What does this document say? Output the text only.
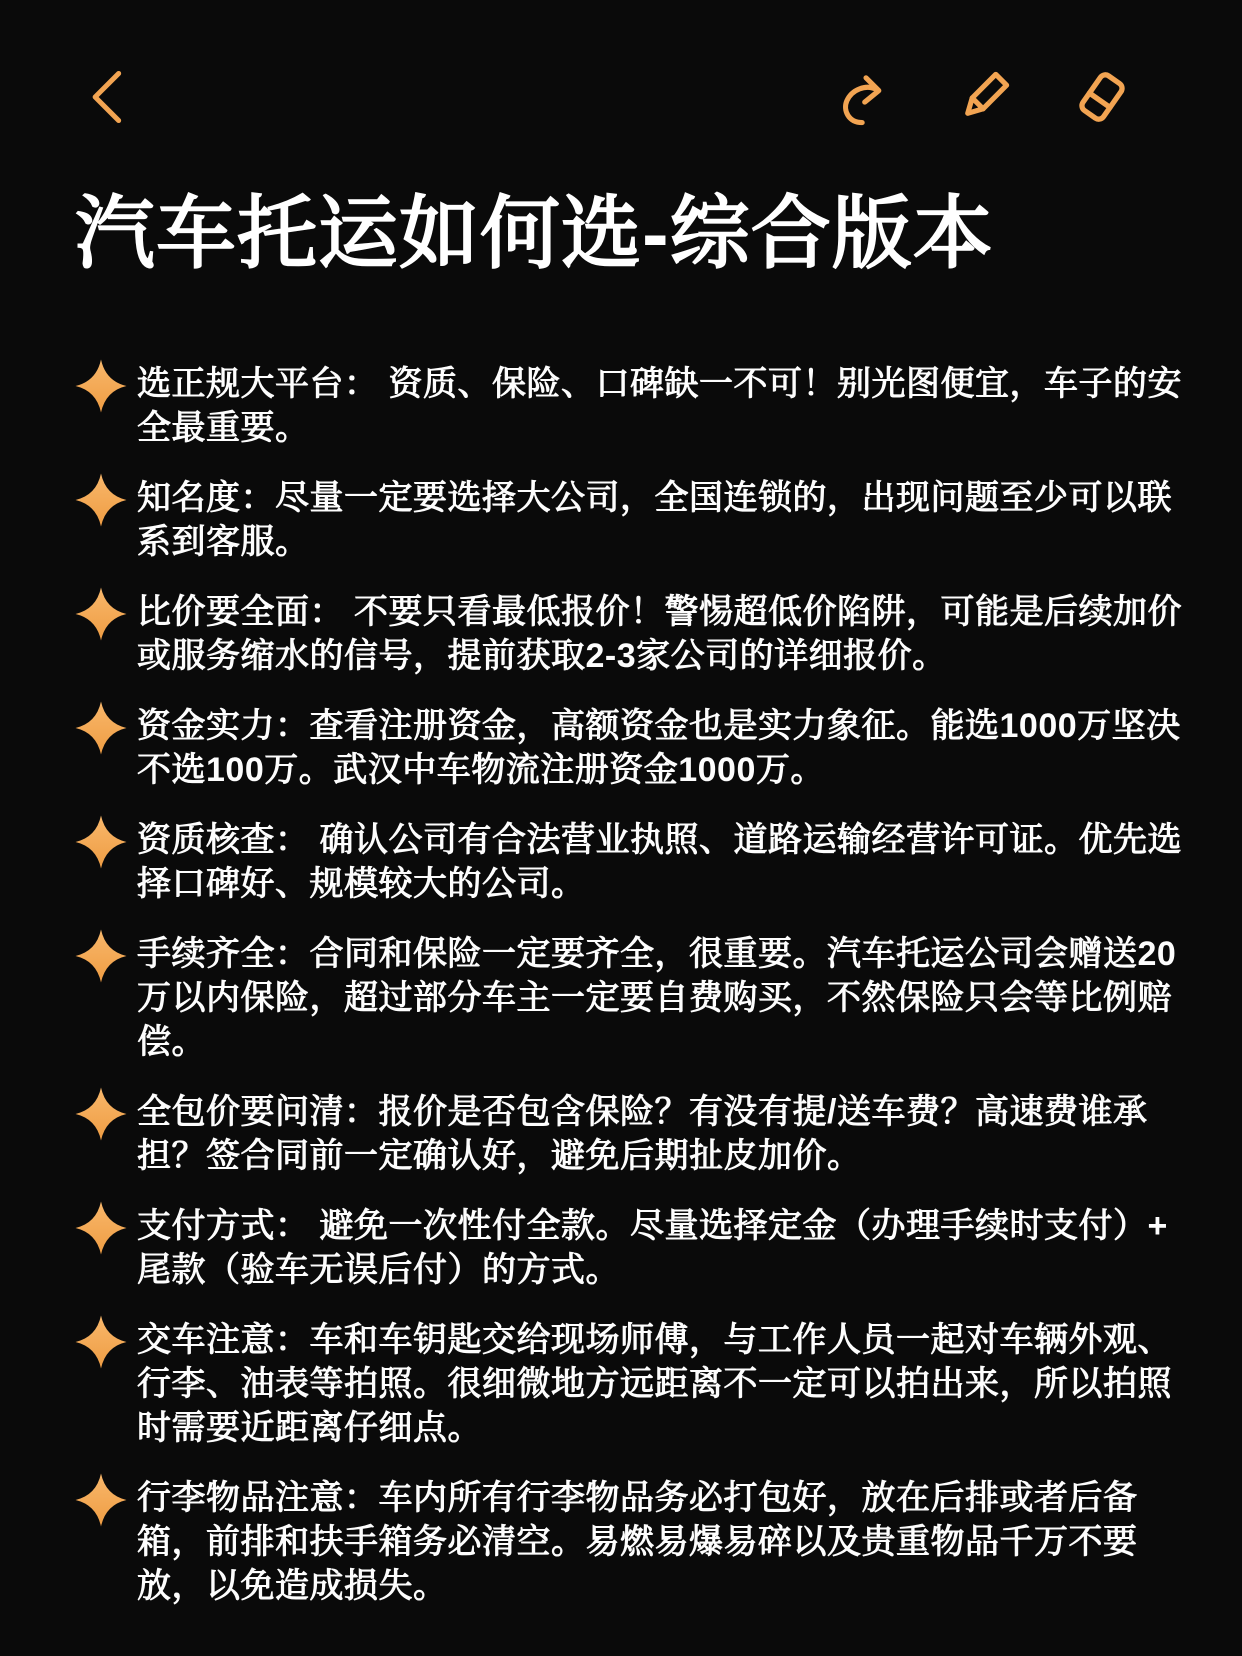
汽车托运如何选-综合版本
选正规大平台： 资质、保险、口碑缺一不可！别光图便宜，车子的安全最重要。
知名度：尽量一定要选择大公司，全国连锁的，出现问题至少可以联系到客服。
比价要全面： 不要只看最低报价！警惕超低价陷阱，可能是后续加价或服务缩水的信号，提前获取2-3家公司的详细报价。
资金实力：查看注册资金，高额资金也是实力象征。能选1000万坚决不选100万。武汉中车物流注册资金1000万。
资质核查： 确认公司有合法营业执照、道路运输经营许可证。优先选择口碑好、规模较大的公司。
手续齐全：合同和保险一定要齐全，很重要。汽车托运公司会赠送20万以内保险，超过部分车主一定要自费购买，不然保险只会等比例赔偿。
全包价要问清：报价是否包含保险？有没有提/送车费？高速费谁承担？签合同前一定确认好，避免后期扯皮加价。
支付方式： 避免一次性付全款。尽量选择定金（办理手续时支付）+ 尾款（验车无误后付）的方式。
交车注意：车和车钥匙交给现场师傅，与工作人员一起对车辆外观、行李、油表等拍照。很细微地方远距离不一定可以拍出来，所以拍照时需要近距离仔细点。
行李物品注意：车内所有行李物品务必打包好，放在后排或者后备箱，前排和扶手箱务必清空。易燃易爆易碎以及贵重物品千万不要放，以免造成损失。
